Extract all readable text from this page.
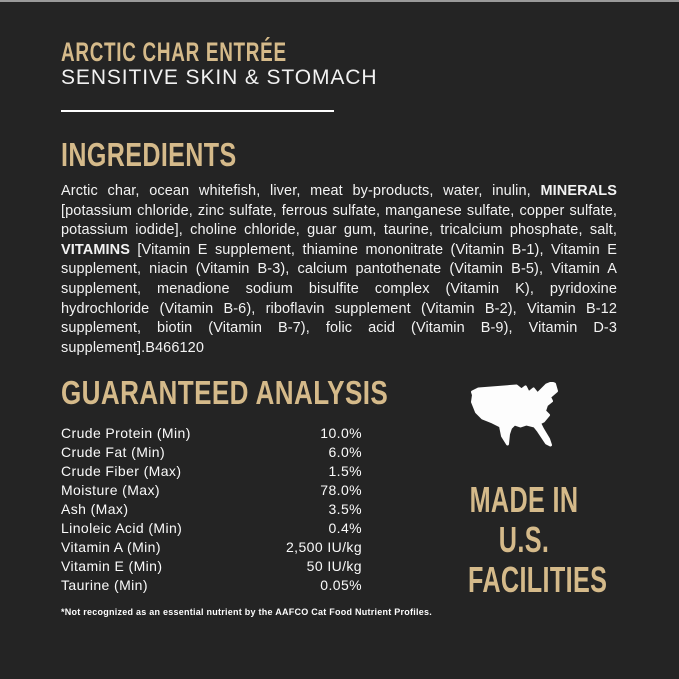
ARCTIC CHAR ENTRÉE
SENSITIVE SKIN & STOMACH
INGREDIENTS
Arctic char, ocean whitefish, liver, meat by-products, water, inulin, MINERALS [potassium chloride, zinc sulfate, ferrous sulfate, manganese sulfate, copper sulfate, potassium iodide], choline chloride, guar gum, taurine, tricalcium phosphate, salt, VITAMINS [Vitamin E supplement, thiamine mononitrate (Vitamin B-1), Vitamin E supplement, niacin (Vitamin B-3), calcium pantothenate (Vitamin B-5), Vitamin A supplement, menadione sodium bisulfite complex (Vitamin K), pyridoxine hydrochloride (Vitamin B-6), riboflavin supplement (Vitamin B-2), Vitamin B-12 supplement, biotin (Vitamin B-7), folic acid (Vitamin B-9), Vitamin D-3 supplement].B466120
GUARANTEED ANALYSIS
Crude Protein (Min)	10.0%
Crude Fat (Min)	6.0%
Crude Fiber (Max)	1.5%
Moisture (Max)	78.0%
Ash (Max)	3.5%
Linoleic Acid (Min)	0.4%
Vitamin A (Min)	2,500 IU/kg
Vitamin E (Min)	50 IU/kg
Taurine (Min)	0.05%
*Not recognized as an essential nutrient by the AAFCO Cat Food Nutrient Profiles.
MADE IN
U.S.
FACILITIES
